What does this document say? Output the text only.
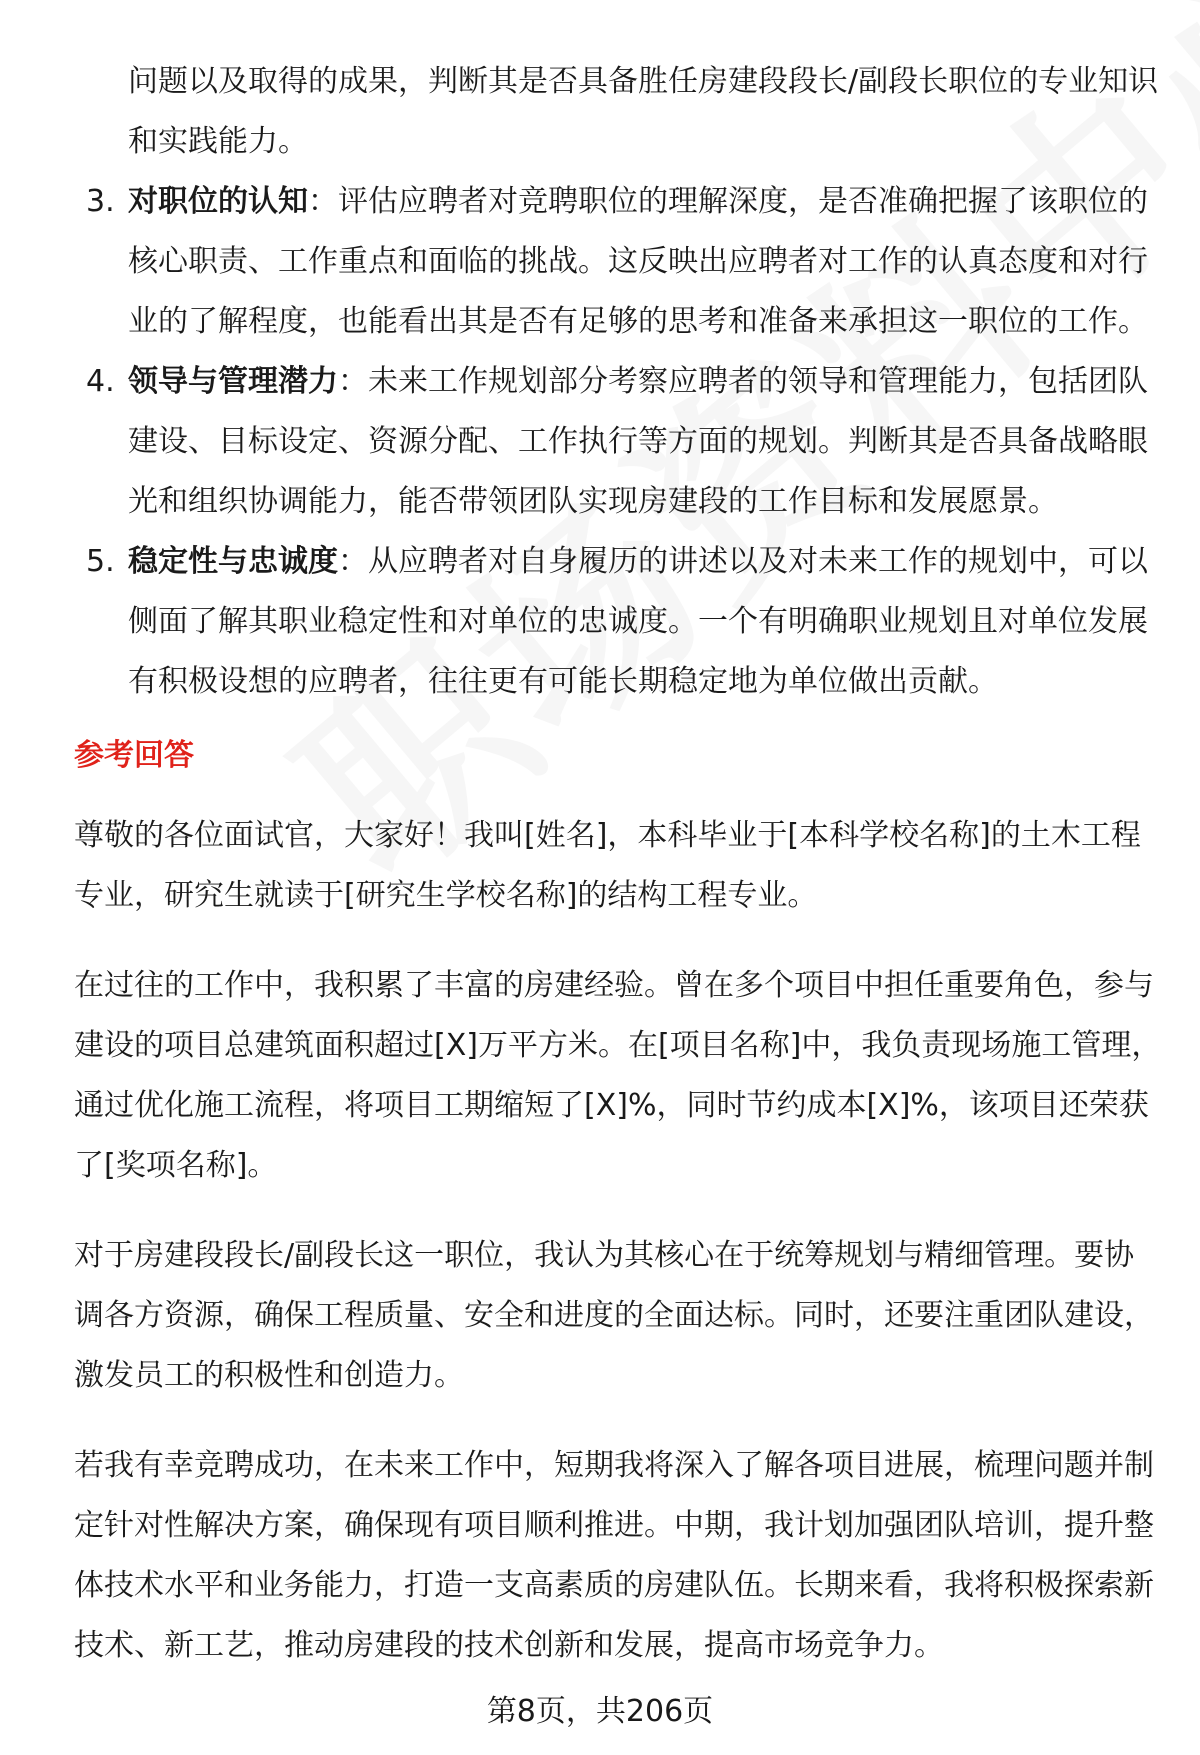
问题以及取得的成果，判断其是否具备胜任房建段段长/副段长职位的专业知识和实践能力。

3. 对职位的认知：评估应聘者对竞聘职位的理解深度，是否准确把握了该职位的核心职责、工作重点和面临的挑战。这反映出应聘者对工作的认真态度和对行业的了解程度，也能看出其是否有足够的思考和准备来承担这一职位的工作。
4. 领导与管理潜力：未来工作规划部分考察应聘者的领导和管理能力，包括团队建设、目标设定、资源分配、工作执行等方面的规划。判断其是否具备战略眼光和组织协调能力，能否带领团队实现房建段的工作目标和发展愿景。
5. 稳定性与忠诚度：从应聘者对自身履历的讲述以及对未来工作的规划中，可以侧面了解其职业稳定性和对单位的忠诚度。一个有明确职业规划且对单位发展有积极设想的应聘者，往往更有可能长期稳定地为单位做出贡献。
参考回答

尊敬的各位面试官，大家好！我叫[姓名]，本科毕业于[本科学校名称]的土木工程专业，研究生就读于[研究生学校名称]的结构工程专业。

在过往的工作中，我积累了丰富的房建经验。曾在多个项目中担任重要角色，参与建设的项目总建筑面积超过[X]万平方米。在[项目名称]中，我负责现场施工管理，通过优化施工流程，将项目工期缩短了[X]%，同时节约成本[X]%，该项目还荣获了[奖项名称]。

对于房建段段长/副段长这一职位，我认为其核心在于统筹规划与精细管理。要协调各方资源，确保工程质量、安全和进度的全面达标。同时，还要注重团队建设，激发员工的积极性和创造力。

若我有幸竞聘成功，在未来工作中，短期我将深入了解各项目进展，梳理问题并制定针对性解决方案，确保现有项目顺利推进。中期，我计划加强团队培训，提升整体技术水平和业务能力，打造一支高素质的房建队伍。长期来看，我将积极探索新技术、新工艺，推动房建段的技术创新和发展，提高市场竞争力。

第8页，共206页
